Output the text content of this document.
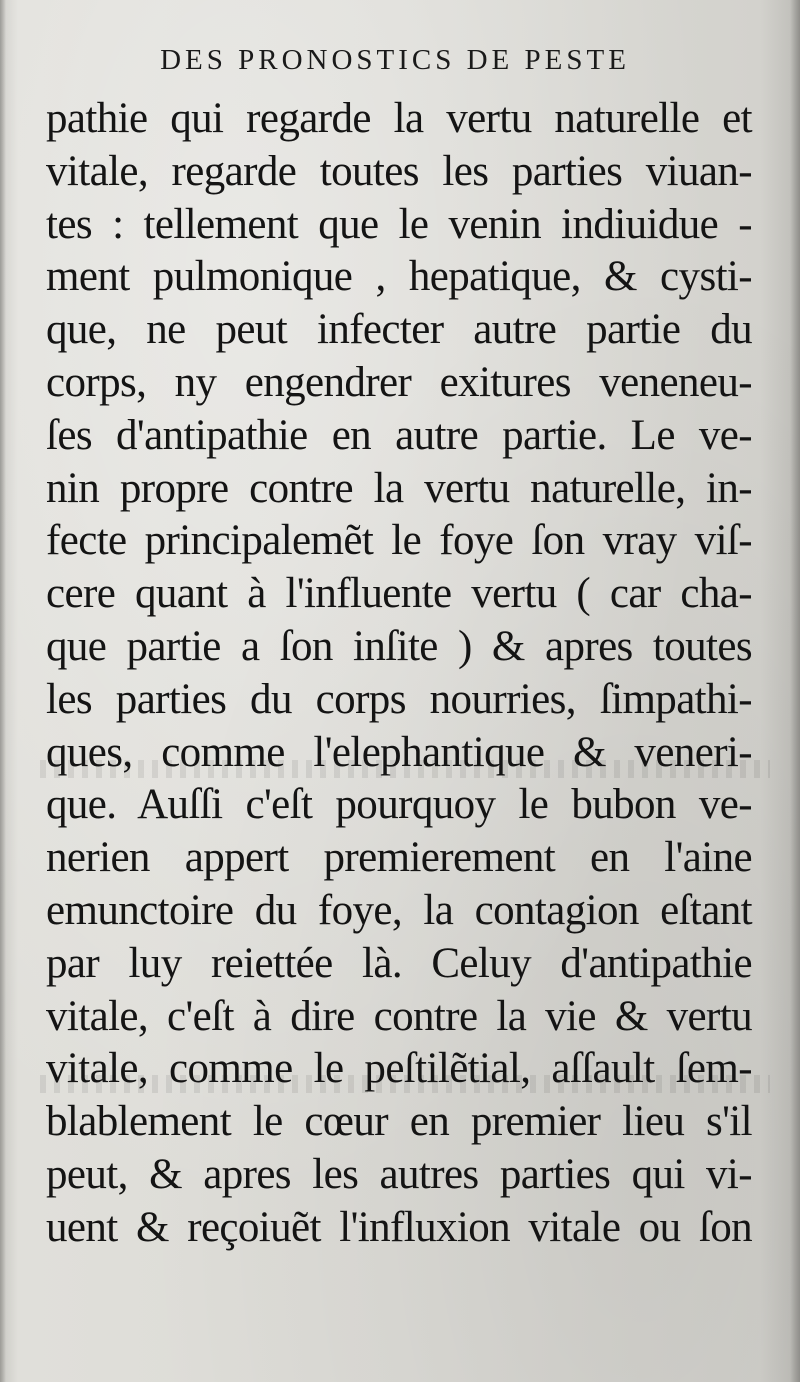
DES PRONOSTICS DE PESTE
pathie qui regarde la vertu naturelle et
vitale, regarde toutes les parties viuan-
tes : tellement que le venin indiuidue -
ment pulmonique , hepatique, & cysti-
que, ne peut infecter autre partie du
corps, ny engendrer exitures veneneu-
ſes d'antipathie en autre partie. Le ve-
nin propre contre la vertu naturelle, in-
fecte principalemẽt le foye ſon vray viſ-
cere quant à l'influente vertu ( car cha-
que partie a ſon inſite ) & apres toutes
les parties du corps nourries, ſimpathi-
ques, comme l'elephantique & veneri-
que. Auſſi c'eſt pourquoy le bubon ve-
nerien appert premierement en l'aine
emunctoire du foye, la contagion eſtant
par luy reiettée là. Celuy d'antipathie
vitale, c'eſt à dire contre la vie & vertu
vitale, comme le peſtilẽtial, aſſault ſem-
blablement le cœur en premier lieu s'il
peut, & apres les autres parties qui vi-
uent & reçoiuẽt l'influxion vitale ou ſon
